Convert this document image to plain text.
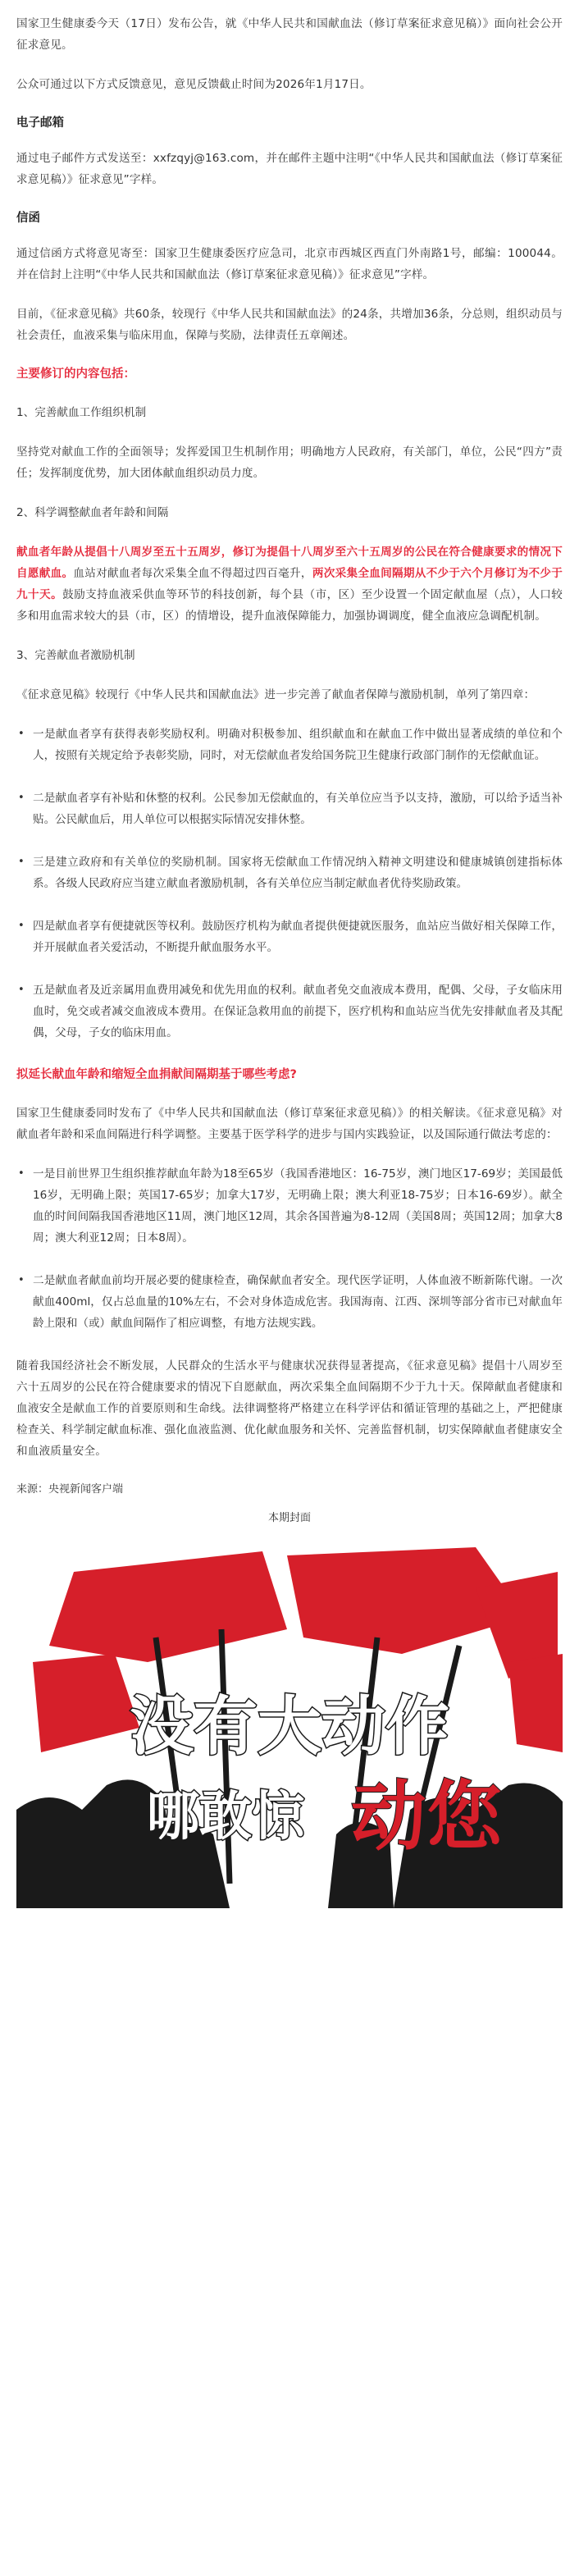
国家卫生健康委今天（17日）发布公告，就《中华人民共和国献血法（修订草案征求意见稿）》面向社会公开征求意见。

公众可通过以下方式反馈意见，意见反馈截止时间为2026年1月17日。

电子邮箱

通过电子邮件方式发送至：xxfzqyj@163.com，并在邮件主题中注明“《中华人民共和国献血法（修订草案征求意见稿）》征求意见”字样。

信函

通过信函方式将意见寄至：国家卫生健康委医疗应急司，北京市西城区西直门外南路1号，邮编：100044。并在信封上注明“《中华人民共和国献血法（修订草案征求意见稿）》征求意见”字样。

目前，《征求意见稿》共60条，较现行《中华人民共和国献血法》的24条，共增加36条，分总则，组织动员与社会责任，血液采集与临床用血，保障与奖励，法律责任五章阐述。

主要修订的内容包括：
1、完善献血工作组织机制

坚持党对献血工作的全面领导；发挥爱国卫生机制作用；明确地方人民政府，有关部门，单位，公民“四方”责任；发挥制度优势，加大团体献血组织动员力度。

2、科学调整献血者年龄和间隔

献血者年龄从提倡十八周岁至五十五周岁，修订为提倡十八周岁至六十五周岁的公民在符合健康要求的情况下自愿献血。血站对献血者每次采集全血不得超过四百毫升，两次采集全血间隔期从不少于六个月修订为不少于九十天。鼓励支持血液采供血等环节的科技创新，每个县（市，区）至少设置一个固定献血屋（点），人口较多和用血需求较大的县（市，区）的情增设，提升血液保障能力，加强协调调度，健全血液应急调配机制。

3、完善献血者激励机制

《征求意见稿》较现行《中华人民共和国献血法》进一步完善了献血者保障与激励机制，单列了第四章：

• 一是献血者享有获得表彰奖励权利。明确对积极参加、组织献血和在献血工作中做出显著成绩的单位和个人，按照有关规定给予表彰奖励，同时，对无偿献血者发给国务院卫生健康行政部门制作的无偿献血证。
• 二是献血者享有补贴和休整的权利。公民参加无偿献血的，有关单位应当予以支持，激励，可以给予适当补贴。公民献血后，用人单位可以根据实际情况安排休整。
• 三是建立政府和有关单位的奖励机制。国家将无偿献血工作情况纳入精神文明建设和健康城镇创建指标体系。各级人民政府应当建立献血者激励机制，各有关单位应当制定献血者优待奖励政策。
• 四是献血者享有便捷就医等权利。鼓励医疗机构为献血者提供便捷就医服务，血站应当做好相关保障工作，并开展献血者关爱活动，不断提升献血服务水平。
• 五是献血者及近亲属用血费用减免和优先用血的权利。献血者免交血液成本费用，配偶、父母，子女临床用血时，免交或者减交血液成本费用。在保证急救用血的前提下，医疗机构和血站应当优先安排献血者及其配偶，父母，子女的临床用血。
拟延长献血年龄和缩短全血捐献间隔期基于哪些考虑?

国家卫生健康委同时发布了《中华人民共和国献血法（修订草案征求意见稿）》的相关解读。《征求意见稿》对献血者年龄和采血间隔进行科学调整。主要基于医学科学的进步与国内实践验证，以及国际通行做法考虑的：

• 一是目前世界卫生组织推荐献血年龄为18至65岁（我国香港地区：16-75岁，澳门地区17-69岁；美国最低16岁，无明确上限；英国17-65岁；加拿大17岁，无明确上限；澳大利亚18-75岁；日本16-69岁）。献全血的时间间隔我国香港地区11周，澳门地区12周，其余各国普遍为8-12周（美国8周；英国12周；加拿大8周；澳大利亚12周；日本8周）。
• 二是献血者献血前均开展必要的健康检查，确保献血者安全。现代医学证明，人体血液不断新陈代谢。一次献血400ml，仅占总血量的10%左右，不会对身体造成危害。我国海南、江西、深圳等部分省市已对献血年龄上限和（或）献血间隔作了相应调整，有地方法规实践。

随着我国经济社会不断发展，人民群众的生活水平与健康状况获得显著提高，《征求意见稿》提倡十八周岁至六十五周岁的公民在符合健康要求的情况下自愿献血，两次采集全血间隔期不少于九十天。保障献血者健康和血液安全是献血工作的首要原则和生命线。法律调整将严格建立在科学评估和循证管理的基础之上，严把健康检查关、科学制定献血标准、强化血液监测、优化献血服务和关怀、完善监督机制，切实保障献血者健康安全和血液质量安全。

来源：央视新闻客户端

本期封面
没有大动作
哪敢惊 动您
